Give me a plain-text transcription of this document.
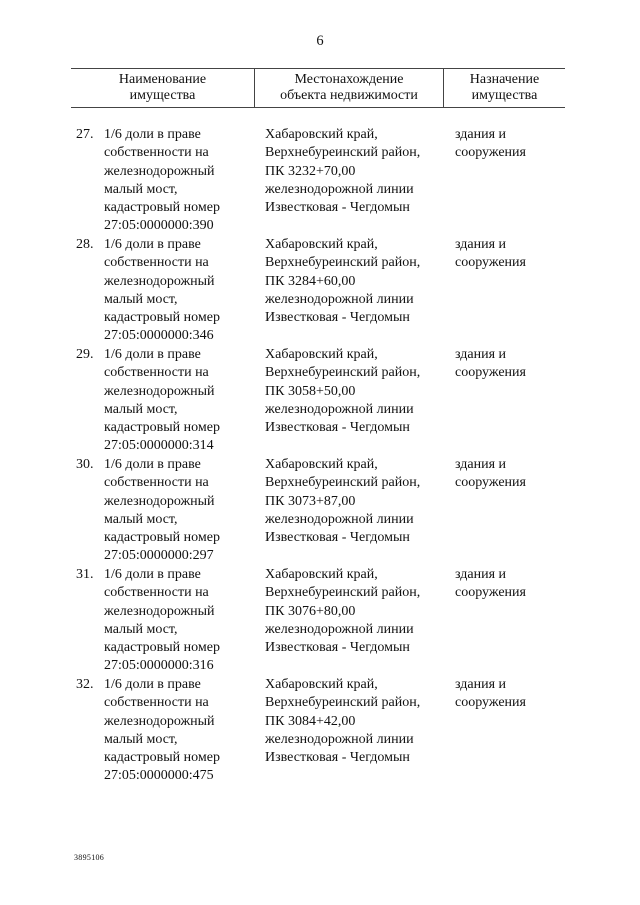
6
Наименование
имущества
Местонахождение
объекта недвижимости
Назначение
имущества
27. 1/6 доли в праве
собственности на
железнодорожный
малый мост,
кадастровый номер
27:05:0000000:390
Хабаровский край,
Верхнебуреинский район,
ПК 3232+70,00
железнодорожной линии
Известковая - Чегдомын
здания и
сооружения
28. 1/6 доли в праве
собственности на
железнодорожный
малый мост,
кадастровый номер
27:05:0000000:346
Хабаровский край,
Верхнебуреинский район,
ПК 3284+60,00
железнодорожной линии
Известковая - Чегдомын
здания и
сооружения
29. 1/6 доли в праве
собственности на
железнодорожный
малый мост,
кадастровый номер
27:05:0000000:314
Хабаровский край,
Верхнебуреинский район,
ПК 3058+50,00
железнодорожной линии
Известковая - Чегдомын
здания и
сооружения
30. 1/6 доли в праве
собственности на
железнодорожный
малый мост,
кадастровый номер
27:05:0000000:297
Хабаровский край,
Верхнебуреинский район,
ПК 3073+87,00
железнодорожной линии
Известковая - Чегдомын
здания и
сооружения
31. 1/6 доли в праве
собственности на
железнодорожный
малый мост,
кадастровый номер
27:05:0000000:316
Хабаровский край,
Верхнебуреинский район,
ПК 3076+80,00
железнодорожной линии
Известковая - Чегдомын
здания и
сооружения
32. 1/6 доли в праве
собственности на
железнодорожный
малый мост,
кадастровый номер
27:05:0000000:475
Хабаровский край,
Верхнебуреинский район,
ПК 3084+42,00
железнодорожной линии
Известковая - Чегдомын
здания и
сооружения
3895106
